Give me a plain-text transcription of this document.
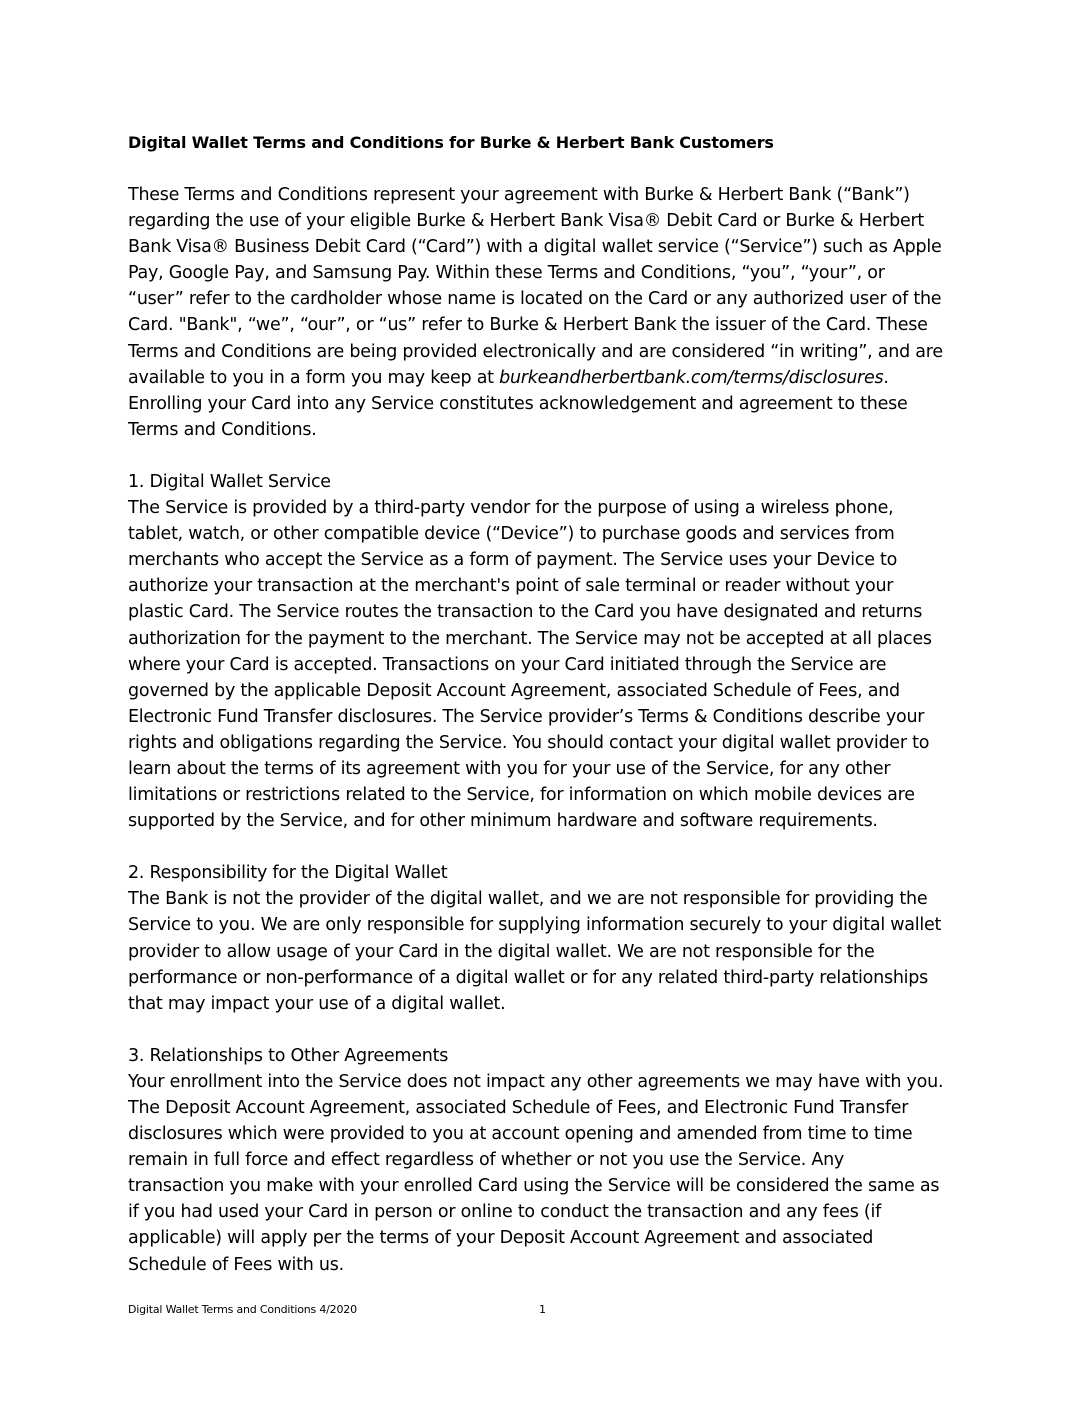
Digital Wallet Terms and Conditions for Burke & Herbert Bank Customers

These Terms and Conditions represent your agreement with Burke & Herbert Bank (“Bank”)
regarding the use of your eligible Burke & Herbert Bank Visa® Debit Card or Burke & Herbert
Bank Visa® Business Debit Card (“Card”) with a digital wallet service (“Service”) such as Apple
Pay, Google Pay, and Samsung Pay. Within these Terms and Conditions, “you”, “your”, or
“user” refer to the cardholder whose name is located on the Card or any authorized user of the
Card. "Bank", “we”, “our”, or “us” refer to Burke & Herbert Bank the issuer of the Card. These
Terms and Conditions are being provided electronically and are considered “in writing”, and are
available to you in a form you may keep at burkeandherbertbank.com/terms/disclosures.
Enrolling your Card into any Service constitutes acknowledgement and agreement to these
Terms and Conditions.
1. Digital Wallet Service
The Service is provided by a third-party vendor for the purpose of using a wireless phone,
tablet, watch, or other compatible device (“Device”) to purchase goods and services from
merchants who accept the Service as a form of payment. The Service uses your Device to
authorize your transaction at the merchant's point of sale terminal or reader without your
plastic Card. The Service routes the transaction to the Card you have designated and returns
authorization for the payment to the merchant. The Service may not be accepted at all places
where your Card is accepted. Transactions on your Card initiated through the Service are
governed by the applicable Deposit Account Agreement, associated Schedule of Fees, and
Electronic Fund Transfer disclosures. The Service provider’s Terms & Conditions describe your
rights and obligations regarding the Service. You should contact your digital wallet provider to
learn about the terms of its agreement with you for your use of the Service, for any other
limitations or restrictions related to the Service, for information on which mobile devices are
supported by the Service, and for other minimum hardware and software requirements.
2. Responsibility for the Digital Wallet
The Bank is not the provider of the digital wallet, and we are not responsible for providing the
Service to you. We are only responsible for supplying information securely to your digital wallet
provider to allow usage of your Card in the digital wallet. We are not responsible for the
performance or non-performance of a digital wallet or for any related third-party relationships
that may impact your use of a digital wallet.
3. Relationships to Other Agreements
Your enrollment into the Service does not impact any other agreements we may have with you.
The Deposit Account Agreement, associated Schedule of Fees, and Electronic Fund Transfer
disclosures which were provided to you at account opening and amended from time to time
remain in full force and effect regardless of whether or not you use the Service. Any
transaction you make with your enrolled Card using the Service will be considered the same as
if you had used your Card in person or online to conduct the transaction and any fees (if
applicable) will apply per the terms of your Deposit Account Agreement and associated
Schedule of Fees with us.
Digital Wallet Terms and Conditions 4/2020	1
